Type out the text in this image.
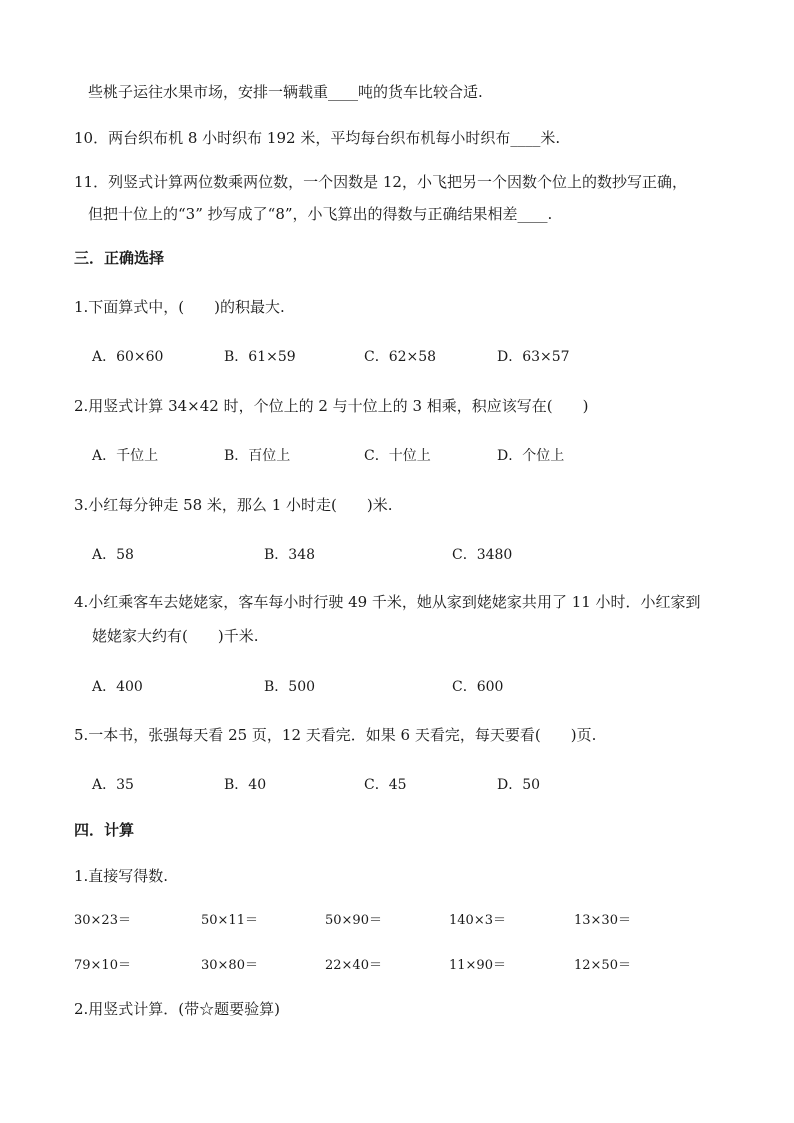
些桃子运往水果市场，安排一辆载重____吨的货车比较合适.
10．两台织布机 8 小时织布 192 米，平均每台织布机每小时织布____米.
11．列竖式计算两位数乘两位数，一个因数是 12，小飞把另一个因数个位上的数抄写正确，
但把十位上的“3” 抄写成了“8”，小飞算出的得数与正确结果相差____.
三．正确选择
1.下面算式中，(　　)的积最大.
A．60×60	B．61×59	C．62×58	D．63×57
2.用竖式计算 34×42 时，个位上的 2 与十位上的 3 相乘，积应该写在(　　)
A．千位上	B．百位上	C．十位上	D．个位上
3.小红每分钟走 58 米，那么 1 小时走(　　)米.
A．58	B．348	C．3480
4.小红乘客车去姥姥家，客车每小时行驶 49 千米，她从家到姥姥家共用了 11 小时．小红家到
姥姥家大约有(　　)千米.
A．400	B．500	C．600
5.一本书，张强每天看 25 页，12 天看完．如果 6 天看完，每天要看(　　)页.
A．35	B．40	C．45	D．50
四．计算
1.直接写得数.
30×23＝	50×11＝	50×90＝	140×3＝	13×30＝
79×10＝	30×80＝	22×40＝	11×90＝	12×50＝
2.用竖式计算．(带☆题要验算)
